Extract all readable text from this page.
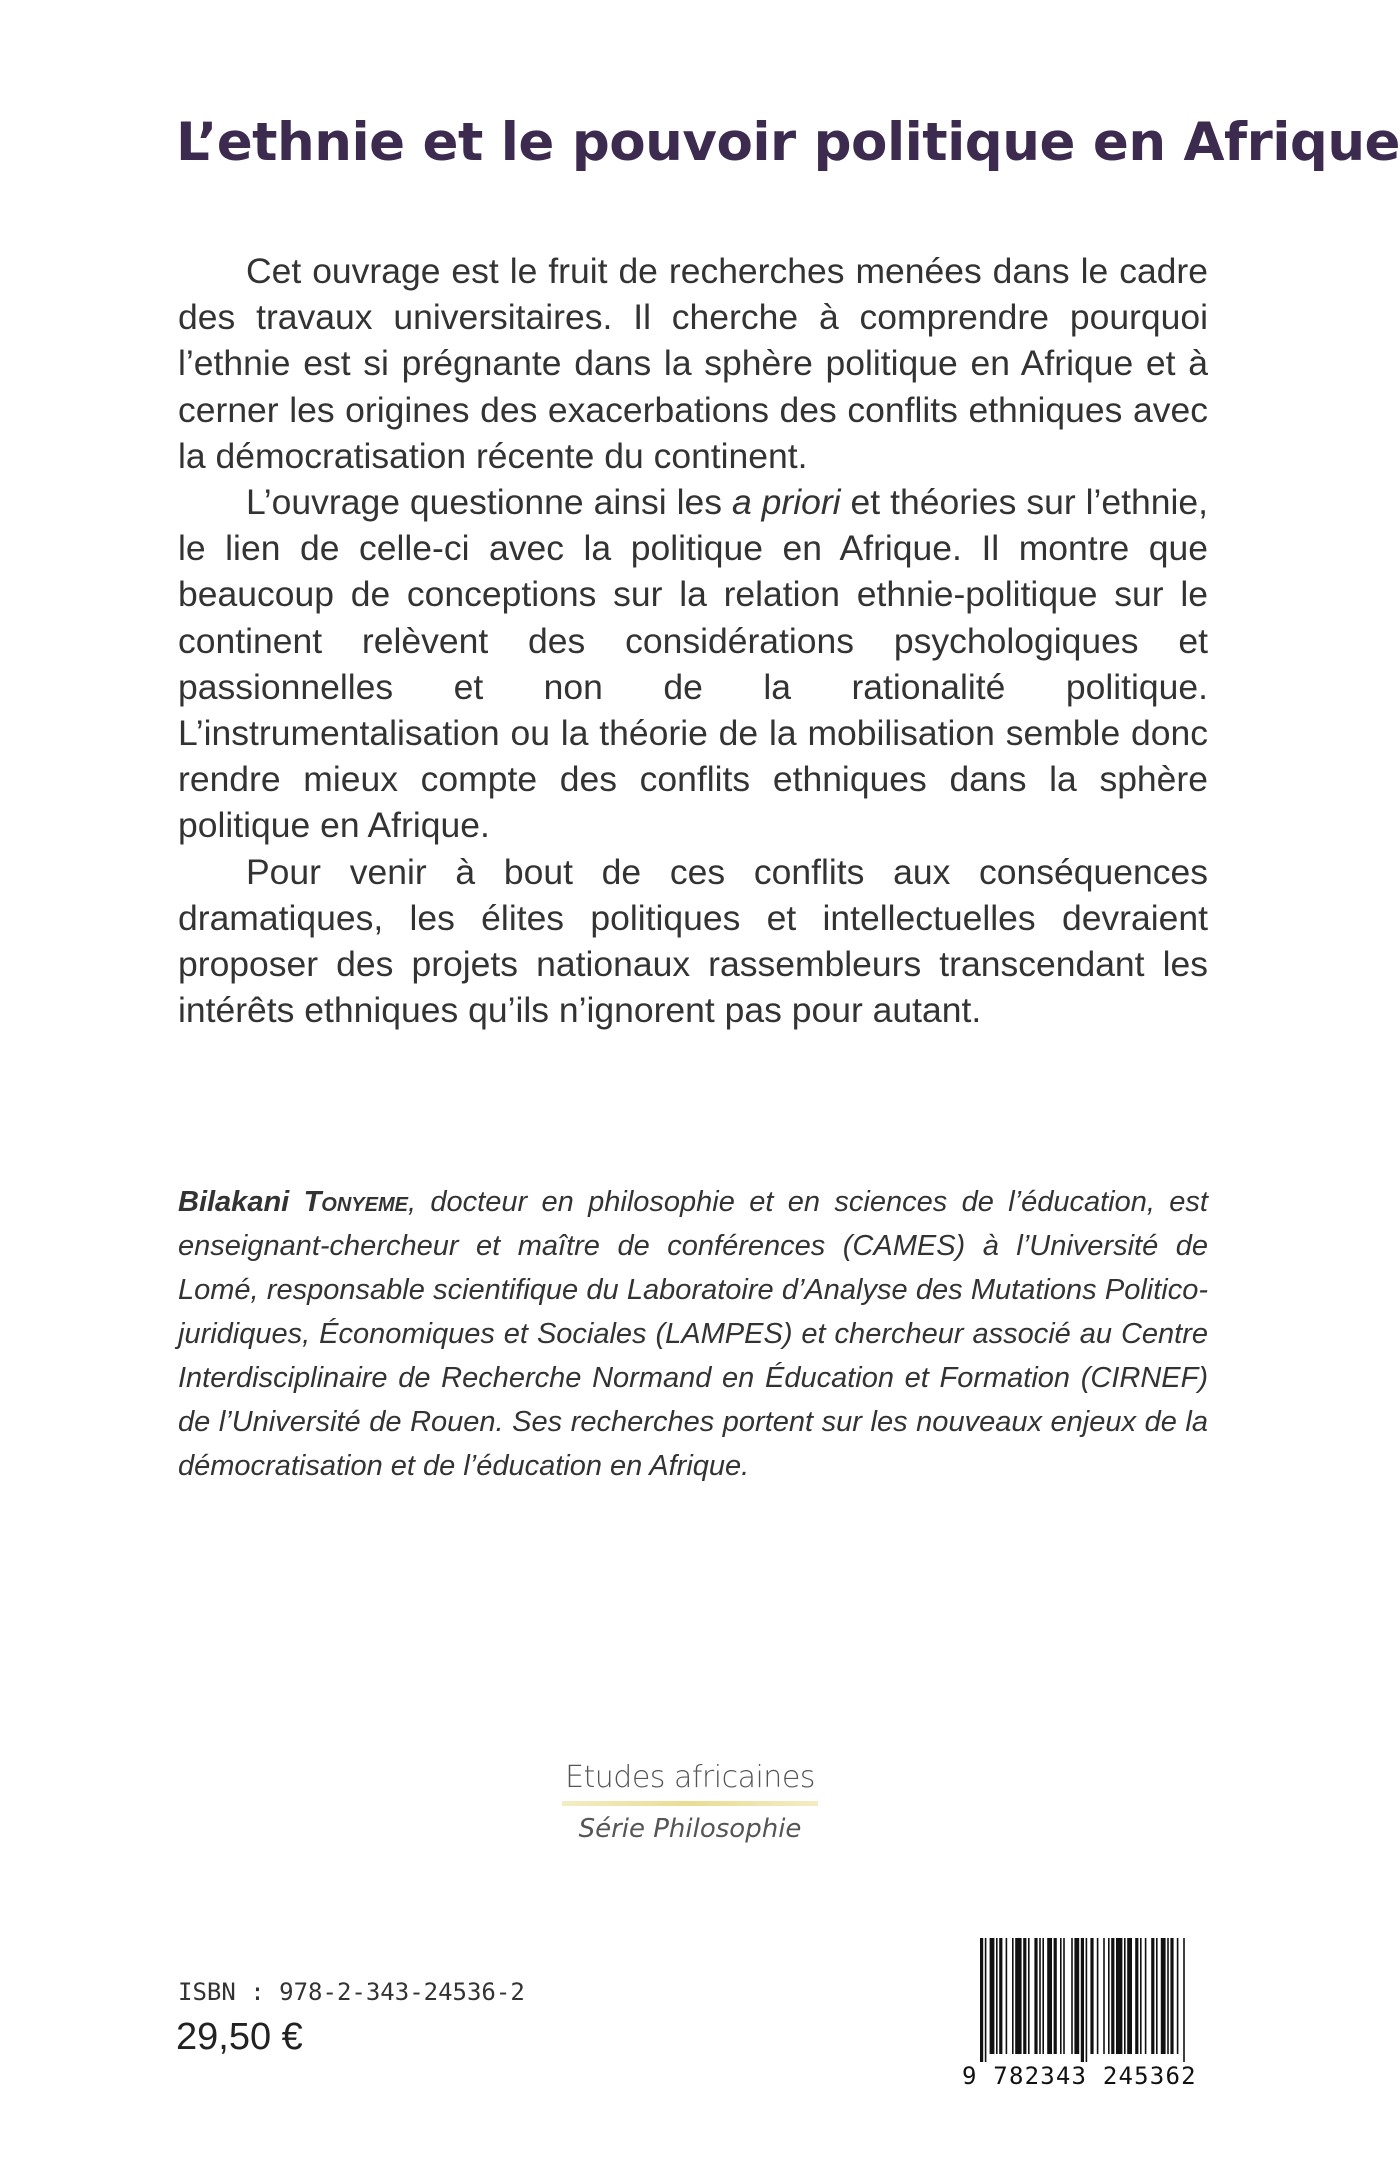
L’ethnie et le pouvoir politique en Afrique

Cet ouvrage est le fruit de recherches menées dans le cadre des travaux universitaires. Il cherche à comprendre pourquoi l’ethnie est si prégnante dans la sphère politique en Afrique et à cerner les origines des exacerbations des conflits ethniques avec la démocratisation récente du continent.

L’ouvrage questionne ainsi les a priori et théories sur l’ethnie, le lien de celle-ci avec la politique en Afrique. Il montre que beaucoup de conceptions sur la relation ethnie-politique sur le continent relèvent des considérations psychologiques et passionnelles et non de la rationalité politique. L’instrumentalisation ou la théorie de la mobilisation semble donc rendre mieux compte des conflits ethniques dans la sphère politique en Afrique.

Pour venir à bout de ces conflits aux conséquences dramatiques, les élites politiques et intellectuelles devraient proposer des projets nationaux rassembleurs transcendant les intérêts ethniques qu’ils n’ignorent pas pour autant.

Bilakani Tonyeme, docteur en philosophie et en sciences de l’éducation, est enseignant-chercheur et maître de conférences (CAMES) à l’Université de Lomé, responsable scientifique du Laboratoire d’Analyse des Mutations Politico-juridiques, Économiques et Sociales (LAMPES) et chercheur associé au Centre Interdisciplinaire de Recherche Normand en Éducation et Formation (CIRNEF) de l’Université de Rouen. Ses recherches portent sur les nouveaux enjeux de la démocratisation et de l’éducation en Afrique.

Etudes africaines
Série Philosophie
ISBN : 978-2-343-24536-2
29,50 €
9 782343 245362
